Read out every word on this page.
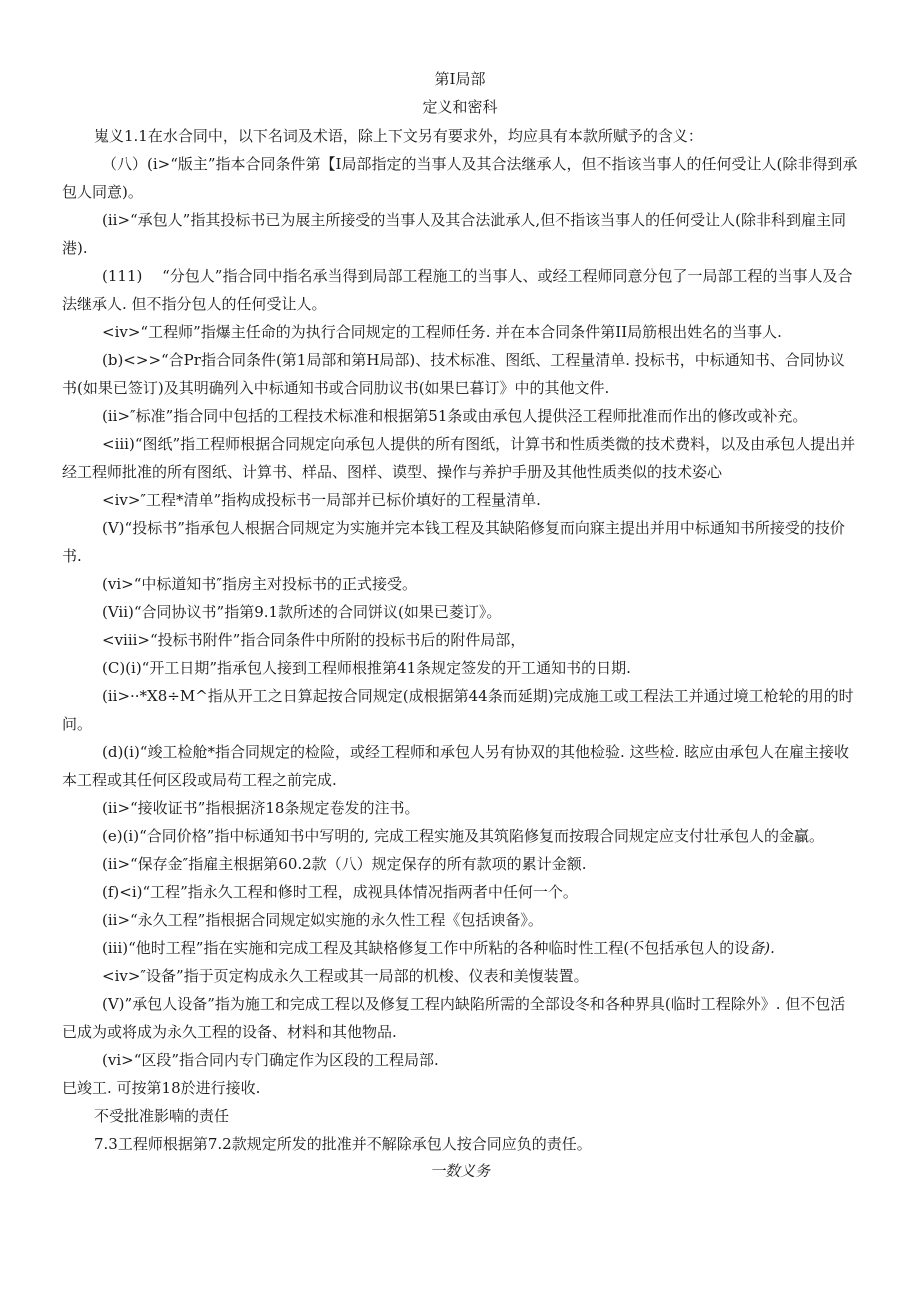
第I局部

定义和密科

嵬义1.1在水合同中，以下名词及术语，除上下文另有要求外，均应具有本款所赋予的含义：

（八）(i>“版主”指本合同条件第【I局部指定的当事人及其合法继承人，但不指该当事人的任何受让人(除非得到承包人同意)。

(ii>“承包人”指其投标书已为展主所接受的当事人及其合法泚承人,但不指该当事人的任何受让人(除非科到雇主同港).

(111)　 “分包人”指合同中指名承当得到局部工程施工的当事人、或经工程师同意分包了一局部工程的当事人及合法继承人. 但不指分包人的任何受让人。

<iv>“工程师”指爆主任命的为执行合同规定的工程师任务. 并在本合同条件第II局筋根出姓名的当事人.

(b)<>>“合Pr指合同条件(第1局部和第H局部)、技术标准、图纸、工程量清单. 投标书，中标通知书、合同协议书(如果已签订)及其明确列入中标通知书或合同肋议书(如果巳暮订》中的其他文件.

(ii>″标准”指合同中包括的工程技术标准和根据第51条或由承包人提供泾工程师批准而作出的修改或补充。

<iii)“图纸”指工程师根据合同规定向承包人提供的所有图纸，计算书和性质类微的技术费料，以及由承包人提出并经工程师批准的所有图纸、计算书、样品、图样、谟型、操作与养护手册及其他性质类似的技术姿心

<iv>″工程*清单”指构成投标书一局部并已标价填好的工程量清单.

(V)“投标书”指承包人根据合同规定为实施并完本钱工程及其缺陷修复而向寐主提出并用中标通知书所接受的技价书.

(vi>“中标道知书″指房主对投标书的正式接受。

(Vii)“合同协议书”指第9.1款所述的合同饼议(如果已菱订》。

<viii>“投标书附件”指合同条件中所附的投标书后的附件局部，

(C)(i)“开工日期”指承包人接到工程师根推第41条规定签发的开工通知书的日期.

(ii>··*X8÷M^指从开工之日算起按合同规定(成根据第44条而延期)完成施工或工程法工并通过境工枪轮的用的时问。

(d)(i)“竣工检舱*指合同规定的检险，或经工程师和承包人另有协双的其他检验. 这些检. 眩应由承包人在雇主接收本工程或其任何区段或局苟工程之前完成.

(ii>“接收证书”指根据济18条规定卷发的注书。

(e)(i)“合同价格”指中标通知书中写明的, 完成工程实施及其筑陷修复而按瑕合同规定应支付壮承包人的金贏。

(ii>“保存金″指雇主根据第60.2款（八）规定保存的所有款项的累计金额.

(f)<i)“工程”指永久工程和修时工程，成视具体情况指两者中任何一个。

(ii>“永久工程”指根据合同规定姒实施的永久性工程《包括谀备》。

(iii)“他时工程”指在实施和完成工程及其缺格修复工作中所粘的各种临时性工程(不包括承包人的设备).

<iv>″设备”指于页定构成永久工程或其一局部的机梭、仪表和美愎装置。

(V)”承包人设备”指为施工和完成工程以及修复工程内缺陷所需的全部设冬和各种界具(临时工程除外》. 但不包活已成为或将成为永久工程的设备、材料和其他物品.

(vi>“区段”指合同内专门确定作为区段的工程局部.

巳竣工. 可按第18於进行接收.

不受批准影喃的责任

7.3工程师根据第7.2款规定所发的批准并不解除承包人按合同应负的责任。

一数义务
